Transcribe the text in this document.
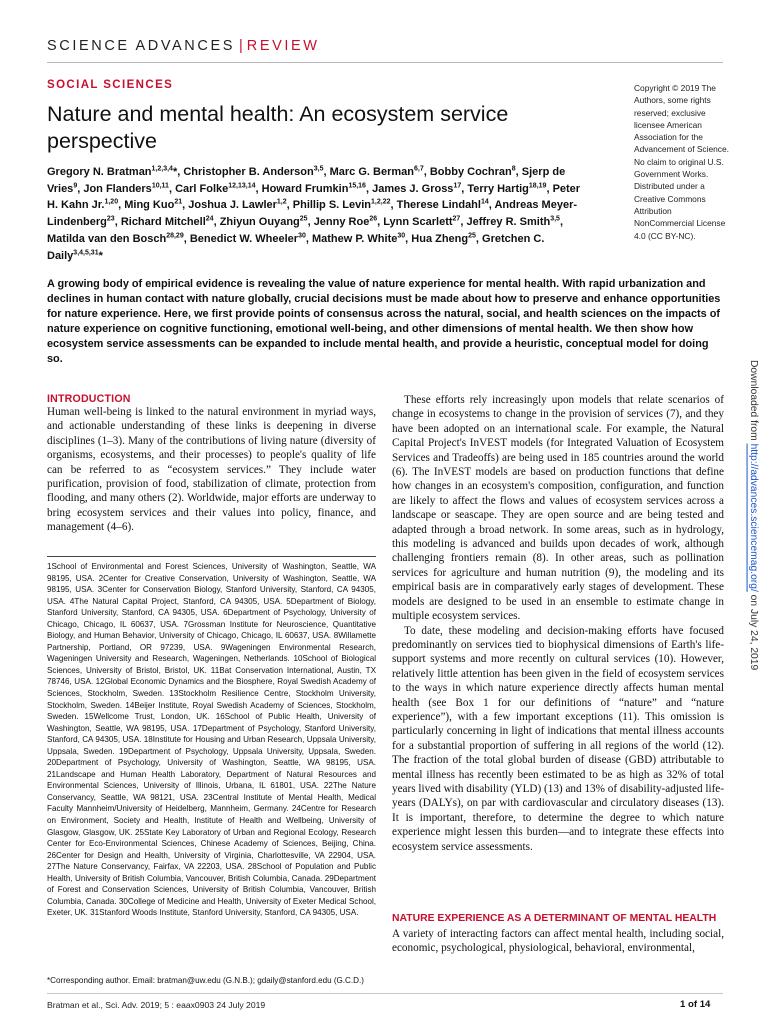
SCIENCE ADVANCES | REVIEW
SOCIAL SCIENCES
Nature and mental health: An ecosystem service perspective
Copyright © 2019 The Authors, some rights reserved; exclusive licensee American Association for the Advancement of Science. No claim to original U.S. Government Works. Distributed under a Creative Commons Attribution NonCommercial License 4.0 (CC BY-NC).
Gregory N. Bratman$^{1,2,3,4}$*, Christopher B. Anderson$^{3,5}$, Marc G. Berman$^{6,7}$, Bobby Cochran$^8$, Sjerp de Vries$^9$, Jon Flanders$^{10,11}$, Carl Folke$^{12,13,14}$, Howard Frumkin$^{15,16}$, James J. Gross$^{17}$, Terry Hartig$^{18,19}$, Peter H. Kahn Jr.$^{1,20}$, Ming Kuo$^{21}$, Joshua J. Lawler$^{1,2}$, Phillip S. Levin$^{1,2,22}$, Therese Lindahl$^{14}$, Andreas Meyer-Lindenberg$^{23}$, Richard Mitchell$^{24}$, Zhiyun Ouyang$^{25}$, Jenny Roe$^{26}$, Lynn Scarlett$^{27}$, Jeffrey R. Smith$^{3,5}$, Matilda van den Bosch$^{28,29}$, Benedict W. Wheeler$^{30}$, Mathew P. White$^{30}$, Hua Zheng$^{25}$, Gretchen C. Daily$^{3,4,5,31}$*
A growing body of empirical evidence is revealing the value of nature experience for mental health. With rapid urbanization and declines in human contact with nature globally, crucial decisions must be made about how to preserve and enhance opportunities for nature experience. Here, we first provide points of consensus across the natural, social, and health sciences on the impacts of nature experience on cognitive functioning, emotional well-being, and other dimensions of mental health. We then show how ecosystem service assessments can be expanded to include mental health, and provide a heuristic, conceptual model for doing so.
Downloaded from http://advances.sciencemag.org/ on July 24, 2019
INTRODUCTION

Human well-being is linked to the natural environment in myriad ways, and actionable understanding of these links is deepening in diverse disciplines (1–3). Many of the contributions of living nature (diversity of organisms, ecosystems, and their processes) to people's quality of life can be referred to as “ecosystem services.” They include water purification, provision of food, stabilization of climate, protection from flooding, and many others (2). Worldwide, major efforts are underway to bring ecosystem services and their values into policy, finance, and management (4–6).

1School of Environmental and Forest Sciences, University of Washington, Seattle, WA 98195, USA. 2Center for Creative Conservation, University of Washington, Seattle, WA 98195, USA. 3Center for Conservation Biology, Stanford University, Stanford, CA 94305, USA. 4The Natural Capital Project, Stanford, CA 94305, USA. 5Department of Biology, Stanford University, Stanford, CA 94305, USA. 6Department of Psychology, University of Chicago, Chicago, IL 60637, USA. 7Grossman Institute for Neuroscience, Quantitative Biology, and Human Behavior, University of Chicago, Chicago, IL 60637, USA. 8Willamette Partnership, Portland, OR 97239, USA. 9Wageningen Environmental Research, Wageningen University and Research, Wageningen, Netherlands. 10School of Biological Sciences, University of Bristol, Bristol, UK. 11Bat Conservation International, Austin, TX 78746, USA. 12Global Economic Dynamics and the Biosphere, Royal Swedish Academy of Sciences, Stockholm, Sweden. 13Stockholm Resilience Centre, Stockholm University, Stockholm, Sweden. 14Beijer Institute, Royal Swedish Academy of Sciences, Stockholm, Sweden. 15Wellcome Trust, London, UK. 16School of Public Health, University of Washington, Seattle, WA 98195, USA. 17Department of Psychology, Stanford University, Stanford, CA 94305, USA. 18Institute for Housing and Urban Research, Uppsala University, Uppsala, Sweden. 19Department of Psychology, Uppsala University, Uppsala, Sweden. 20Department of Psychology, University of Washington, Seattle, WA 98195, USA. 21Landscape and Human Health Laboratory, Department of Natural Resources and Environmental Sciences, University of Illinois, Urbana, IL 61801, USA. 22The Nature Conservancy, Seattle, WA 98121, USA. 23Central Institute of Mental Health, Medical Faculty Mannheim/University of Heidelberg, Mannheim, Germany. 24Centre for Research on Environment, Society and Health, Institute of Health and Wellbeing, University of Glasgow, Glasgow, UK. 25State Key Laboratory of Urban and Regional Ecology, Research Center for Eco-Environmental Sciences, Chinese Academy of Sciences, Beijing, China. 26Center for Design and Health, University of Virginia, Charlottesville, VA 22904, USA. 27The Nature Conservancy, Fairfax, VA 22203, USA. 28School of Population and Public Health, University of British Columbia, Vancouver, British Columbia, Canada. 29Department of Forest and Conservation Sciences, University of British Columbia, Vancouver, British Columbia, Canada. 30College of Medicine and Health, University of Exeter Medical School, Exeter, UK. 31Stanford Woods Institute, Stanford University, Stanford, CA 94305, USA.
*Corresponding author. Email: bratman@uw.edu (G.N.B.); gdaily@stanford.edu (G.C.D.)

These efforts rely increasingly upon models that relate scenarios of change in ecosystems to change in the provision of services (7), and they have been adopted on an international scale. For example, the Natural Capital Project's InVEST models (for Integrated Valuation of Ecosystem Services and Tradeoffs) are being used in 185 countries around the world (6). The InVEST models are based on production functions that define how changes in an ecosystem's composition, configuration, and function are likely to affect the flows and values of ecosystem services across a landscape or seascape. They are open source and are being tested and adapted through a broad network. In some areas, such as in hydrology, this modeling is advanced and builds upon decades of work, although challenging frontiers remain (8). In other areas, such as pollination services for agriculture and human nutrition (9), the modeling and its empirical basis are in comparatively early stages of development. These models are designed to be used in an ensemble to estimate change in multiple ecosystem services.

To date, these modeling and decision-making efforts have focused predominantly on services tied to biophysical dimensions of Earth's life-support systems and more recently on cultural services (10). However, relatively little attention has been given in the field of ecosystem services to the ways in which nature experience directly affects human mental health (see Box 1 for our definitions of “nature” and “nature experience”), with a few important exceptions (11). This omission is particularly concerning in light of indications that mental illness accounts for a substantial proportion of suffering in all regions of the world (12). The fraction of the total global burden of disease (GBD) attributable to mental illness has recently been estimated to be as high as 32% of total years lived with disability (YLD) (13) and 13% of disability-adjusted life-years (DALYs), on par with cardiovascular and circulatory diseases (13). It is important, therefore, to determine the degree to which nature experience might lessen this burden—and to integrate these effects into ecosystem service assessments.

NATURE EXPERIENCE AS A DETERMINANT OF MENTAL HEALTH

A variety of interacting factors can affect mental health, including social, economic, psychological, physiological, behavioral, environmental,

Bratman et al., Sci. Adv. 2019; 5 : eaax0903 24 July 2019	1 of 14
